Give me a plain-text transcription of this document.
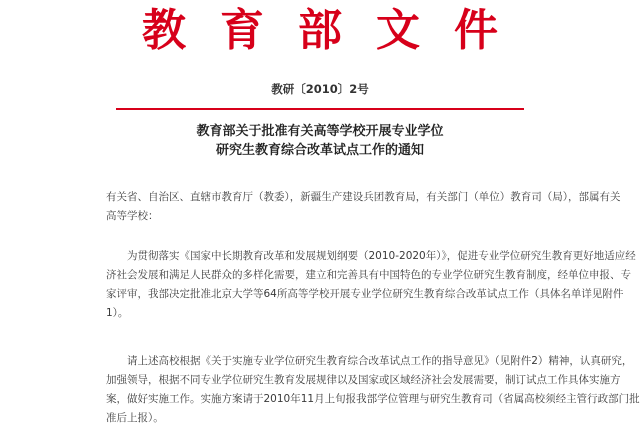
教 育 部 文 件
教研〔2010〕2号
教育部关于批准有关高等学校开展专业学位
研究生教育综合改革试点工作的通知
有关省、自治区、直辖市教育厅（教委），新疆生产建设兵团教育局，有关部门（单位）教育司（局），部属有关
高等学校：
为贯彻落实《国家中长期教育改革和发展规划纲要（2010-2020年）》，促进专业学位研究生教育更好地适应经
济社会发展和满足人民群众的多样化需要，建立和完善具有中国特色的专业学位研究生教育制度，经单位申报、专
家评审，我部决定批准北京大学等64所高等学校开展专业学位研究生教育综合改革试点工作（具体名单详见附件
1）。
请上述高校根据《关于实施专业学位研究生教育综合改革试点工作的指导意见》（见附件2）精神，认真研究，
加强领导，根据不同专业学位研究生教育发展规律以及国家或区域经济社会发展需要，制订试点工作具体实施方
案，做好实施工作。实施方案请于2010年11月上旬报我部学位管理与研究生教育司（省属高校须经主管行政部门批
准后上报）。
